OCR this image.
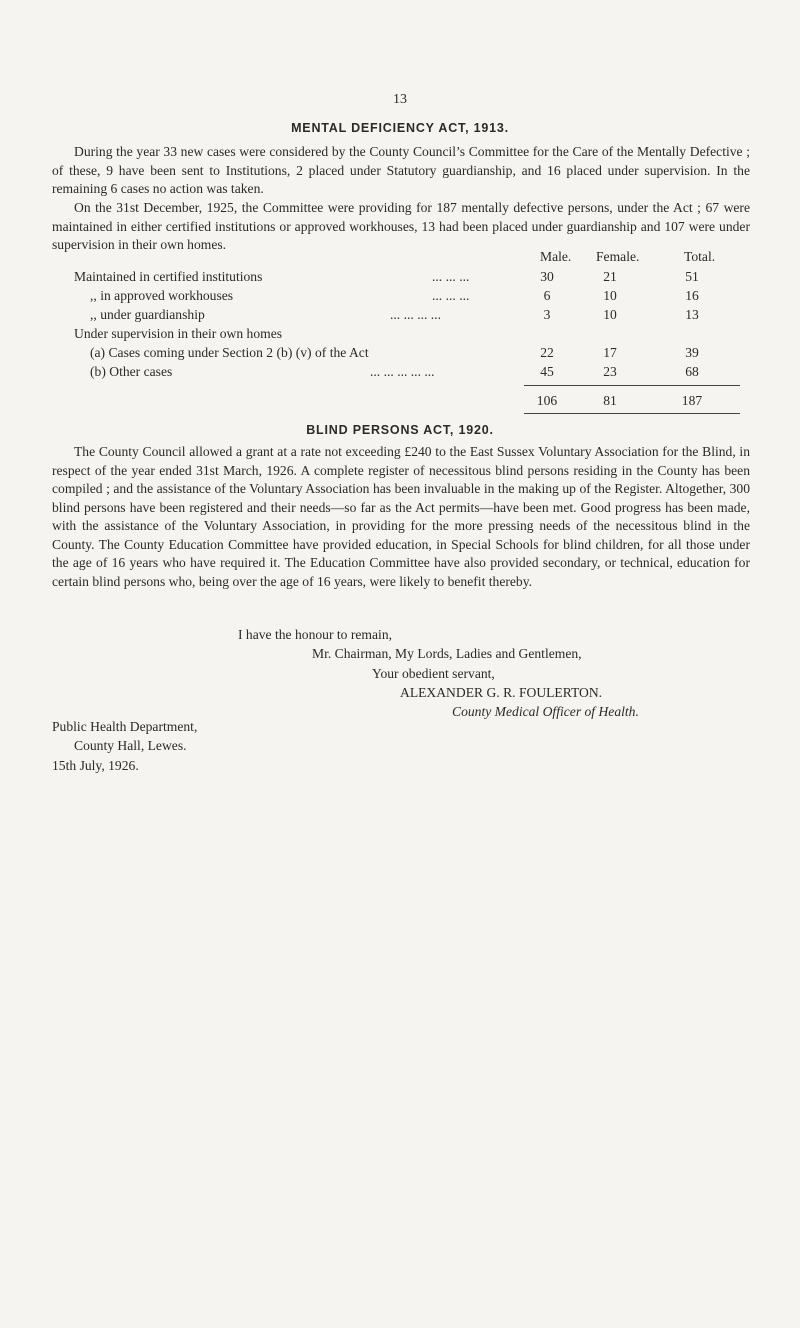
13
MENTAL DEFICIENCY ACT, 1913.

During the year 33 new cases were considered by the County Council’s Committee for the Care of the Mentally Defective ; of these, 9 have been sent to Institutions, 2 placed under Statutory guardianship, and 16 placed under supervision. In the remaining 6 cases no action was taken.

On the 31st December, 1925, the Committee were providing for 187 mentally defective persons, under the Act ; 67 were maintained in either certified institutions or approved workhouses, 13 had been placed under guardianship and 107 were under supervision in their own homes.

Male. Female.	Total.
Maintained in certified institutions	... ... ...	30	21	51
,, in approved workhouses	... ... ...	6	10	16
,, under guardianship	... ... ... ...	3	10	13
Under supervision in their own homes
(a) Cases coming under Section 2 (b) (v) of the Act	22	17	39
(b) Other cases	... ... ... ... ...	45	23	68
106	81	187
BLIND PERSONS ACT, 1920.

The County Council allowed a grant at a rate not exceeding £240 to the East Sussex Voluntary Association for the Blind, in respect of the year ended 31st March, 1926. A complete register of necessitous blind persons residing in the County has been compiled ; and the assistance of the Voluntary Association has been invaluable in the making up of the Register. Altogether, 300 blind persons have been registered and their needs—so far as the Act permits—have been met. Good progress has been made, with the assistance of the Voluntary Association, in providing for the more pressing needs of the necessitous blind in the County. The County Education Committee have provided education, in Special Schools for blind children, for all those under the age of 16 years who have required it. The Education Committee have also provided secondary, or technical, education for certain blind persons who, being over the age of 16 years, were likely to benefit thereby.

I have the honour to remain,
Mr. Chairman, My Lords, Ladies and Gentlemen,
Your obedient servant,
ALEXANDER G. R. FOULERTON.
County Medical Officer of Health.
Public Health Department,
County Hall, Lewes.
15th July, 1926.
